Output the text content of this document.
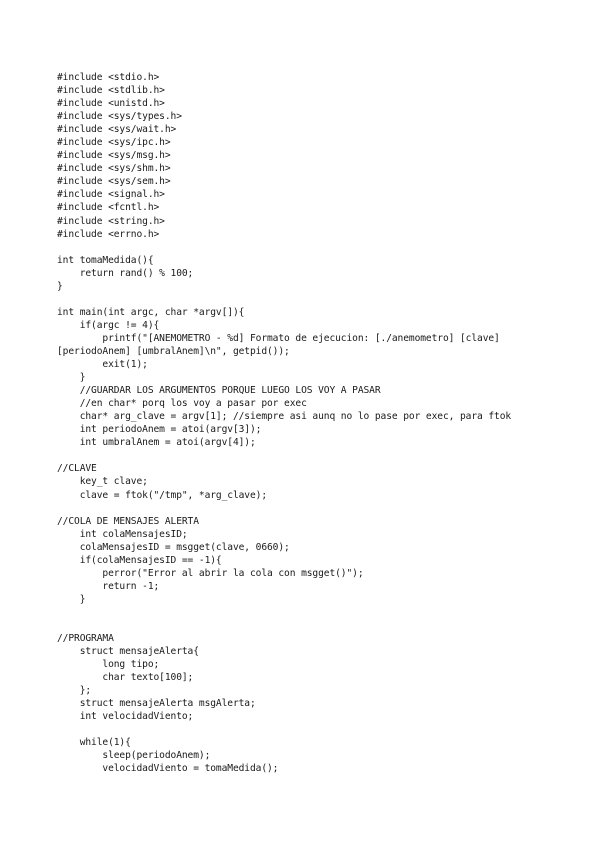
#include <stdio.h>
#include <stdlib.h>
#include <unistd.h>
#include <sys/types.h>
#include <sys/wait.h>
#include <sys/ipc.h>
#include <sys/msg.h>
#include <sys/shm.h>
#include <sys/sem.h>
#include <signal.h>
#include <fcntl.h>
#include <string.h>
#include <errno.h>
int tomaMedida(){
return rand() % 100;
}
int main(int argc, char *argv[]){
if(argc != 4){
printf("[ANEMOMETRO - %d] Formato de ejecucion: [./anemometro] [clave]
[periodoAnem] [umbralAnem]\n", getpid());
exit(1);
}
//GUARDAR LOS ARGUMENTOS PORQUE LUEGO LOS VOY A PASAR
//en char* porq los voy a pasar por exec
char* arg_clave = argv[1]; //siempre asi aunq no lo pase por exec, para ftok
int periodoAnem = atoi(argv[3]);
int umbralAnem = atoi(argv[4]);
//CLAVE
key_t clave;
clave = ftok("/tmp", *arg_clave);
//COLA DE MENSAJES ALERTA
int colaMensajesID;
colaMensajesID = msgget(clave, 0660);
if(colaMensajesID == -1){
perror("Error al abrir la cola con msgget()");
return -1;
}
//PROGRAMA
struct mensajeAlerta{
long tipo;
char texto[100];
};
struct mensajeAlerta msgAlerta;
int velocidadViento;
while(1){
sleep(periodoAnem);
velocidadViento = tomaMedida();
